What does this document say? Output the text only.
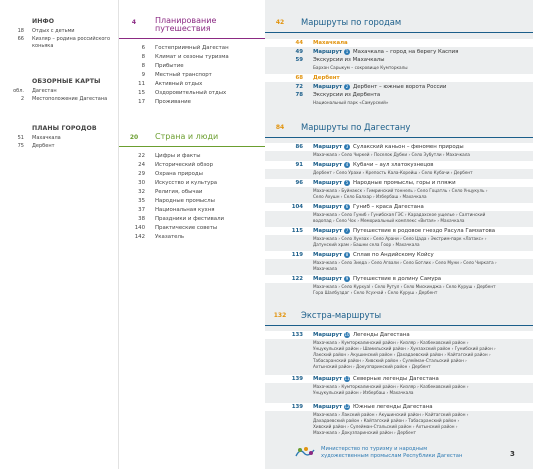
ИНФО
18 Отдых с детьми
66 Кизляр – родина российского коньяка
ОБЗОРНЫЕ КАРТЫ
обл. Дагестан
2 Местоположение Дагестана
ПЛАНЫ ГОРОДОВ
51 Махачкала
75 Дербент
4	Планирование
путешествия
6 Гостеприимный Дагестан
8 Климат и сезоны туризма
8 Прибытие
9 Местный транспорт
11 Активный отдых
15 Оздоровительный отдых
17 Проживание
20	Страна и люди
22 Цифры и факты
24 Исторический обзор
29 Охрана природы
30 Искусство и культура
32 Религия, обычаи
35 Народные промыслы
37 Национальная кухня
38 Праздники и фестивали
140 Практические советы
142 Указатель
42	Маршруты по городам
44 Махачкала
49 Маршрут 1 Махачкала – город на берегу Каспия
59 Экскурсии из Махачкалы
Бархан Сарыкум – сокровище Кумторкалы
68 Дербент
72 Маршрут 2 Дербент – южные ворота России
78 Экскурсии из Дербента
Национальный парк «Самурский»
84	Маршруты по Дагестану
86 Маршрут 3 Сулакский каньон – феномен природы
Махачкала › Село Чиркей › Поселок Дубки › Село Зубутли › Махачкала
91 Маршрут 4 Кубачи – аул златокузнецов
Дербент › Село Урахи › Крепость Кала-Корейш › Село Кубачи › Дербент
96 Маршрут 5 Народные промыслы, горы и пляжи
Махачкала › Буйнакск › Гимринский тоннель › Село Гоцатль › Село Унцукуль ›
Село Ахушн › Село Балхар › Избербаш › Махачкала
104 Маршрут 6 Гуниб – краса Дагестана
Махачкала › Село Гуниб › Гунибская ГЭС › Карадахское ущелье › Салтинский
водопад › Село Чох › Мемориальный комплекс «Витая» › Махачкала
115 Маршрут 7 Путешествие в родовое гнездо Расула Гамзатова
Махачкала › Село Хунзах › Село Арани › Село Цада › Экстрим-парк «Латакс» ›
Датунский храм › Башни села Гоор › Махачкала
119 Маршрут 8 Сплав по Андийскому Койсу
Махачкала › Село Зиеда › Село Агвали › Село Ботлих › Село Муни › Село Чирката ›
Махачкала
122 Маршрут 9 Путешествие в долину Самура
Махачкала › Село Курхуаl › Село Рутул › Село Мискинджа › Село Куруш › Дербент
Гора Шалбуздаг › Село Усухчай › Село Куруш › Дербент
132	Экстра-маршруты
133 Маршрут 10 Легенды Дагестана
Махачкала › Кумторкалинский район › Кизляр › Казбековский район ›
Унцукульский район › Шамильский район › Хунзахский район › Гунибский район ›
Лакский район › Акушинский район › Дахадаевский район › Кайтагский район ›
Табасаранский район › Хивский район › Сулейман-Стальский район ›
Ахтынский район › Докузпаринский район › Дербент
139 Маршрут 11 Северные легенды Дагестана
Махачкала › Кумторкалинский район › Кизляр › Казбековский район ›
Унцукульский район › Избербаш › Махачкала
139 Маршрут 12 Южные легенды Дагестана
Махачкала › Лакский район › Акушинский район › Кайтагский район ›
Дахадаевский район › Кайтагский район › Табасаранский район ›
Хивский район › Сулейман-Стальский район › Ахтынский район ›
Махачкала › Докузпаринский район › Дербент
Министерство по туризму и народным
художественным промыслам Республики Дагестан	3
